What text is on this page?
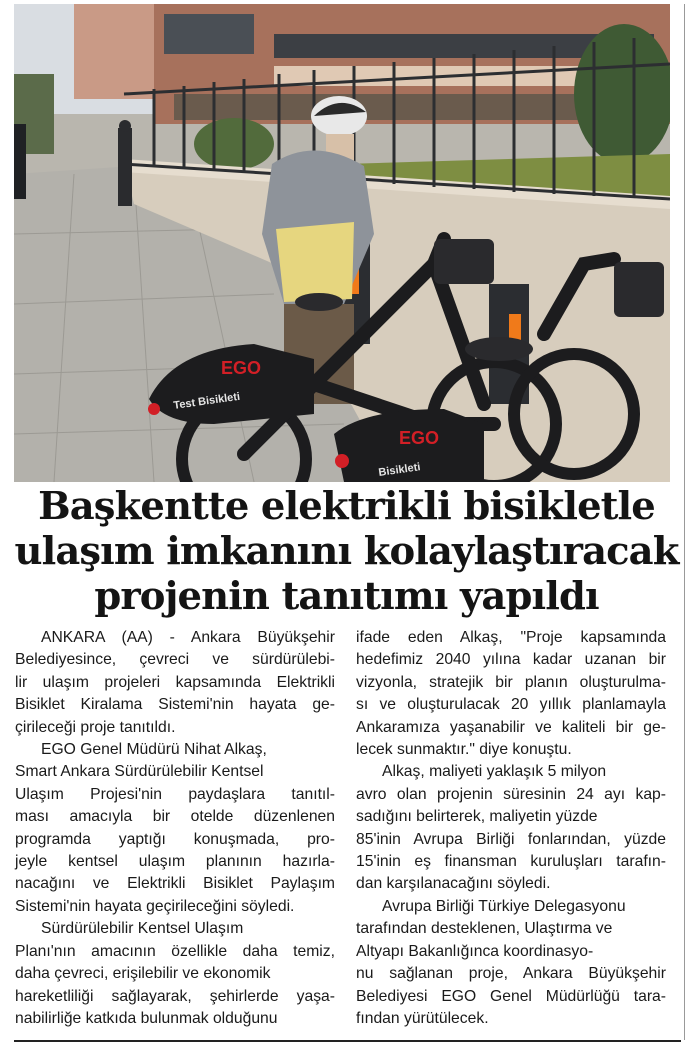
EGO
Test Bisikleti
EGO
Bisikleti
Başkentte elektrikli bisikletle
ulaşım imkanını kolaylaştıracak
projenin tanıtımı yapıldı
ANKARA (AA) - Ankara Büyükşehir
Belediyesince, çevreci ve sürdürülebi-
lir ulaşım projeleri kapsamında Elektrikli
Bisiklet Kiralama Sistemi'nin hayata ge-
çirileceği proje tanıtıldı.
EGO Genel Müdürü Nihat Alkaş,
Smart Ankara Sürdürülebilir Kentsel
Ulaşım Projesi'nin paydaşlara tanıtıl-
ması amacıyla bir otelde düzenlenen
programda yaptığı konuşmada, pro-
jeyle kentsel ulaşım planının hazırla-
nacağını ve Elektrikli Bisiklet Paylaşım
Sistemi'nin hayata geçirileceğini söyledi.
Sürdürülebilir Kentsel Ulaşım
Planı'nın amacının özellikle daha temiz,
daha çevreci, erişilebilir ve ekonomik
hareketliliği sağlayarak, şehirlerde yaşa-
nabilirliğe katkıda bulunmak olduğunu
ifade eden Alkaş, "Proje kapsamında
hedefimiz 2040 yılına kadar uzanan bir
vizyonla, stratejik bir planın oluşturulma-
sı ve oluşturulacak 20 yıllık planlamayla
Ankaramıza yaşanabilir ve kaliteli bir ge-
lecek sunmaktır." diye konuştu.
Alkaş, maliyeti yaklaşık 5 milyon
avro olan projenin süresinin 24 ayı kap-
sadığını belirterek, maliyetin yüzde
85'inin Avrupa Birliği fonlarından, yüzde
15'inin eş finansman kuruluşları tarafın-
dan karşılanacağını söyledi.
Avrupa Birliği Türkiye Delegasyonu
tarafından desteklenen, Ulaştırma ve
Altyapı Bakanlığınca koordinasyo-
nu sağlanan proje, Ankara Büyükşehir
Belediyesi EGO Genel Müdürlüğü tara-
fından yürütülecek.
